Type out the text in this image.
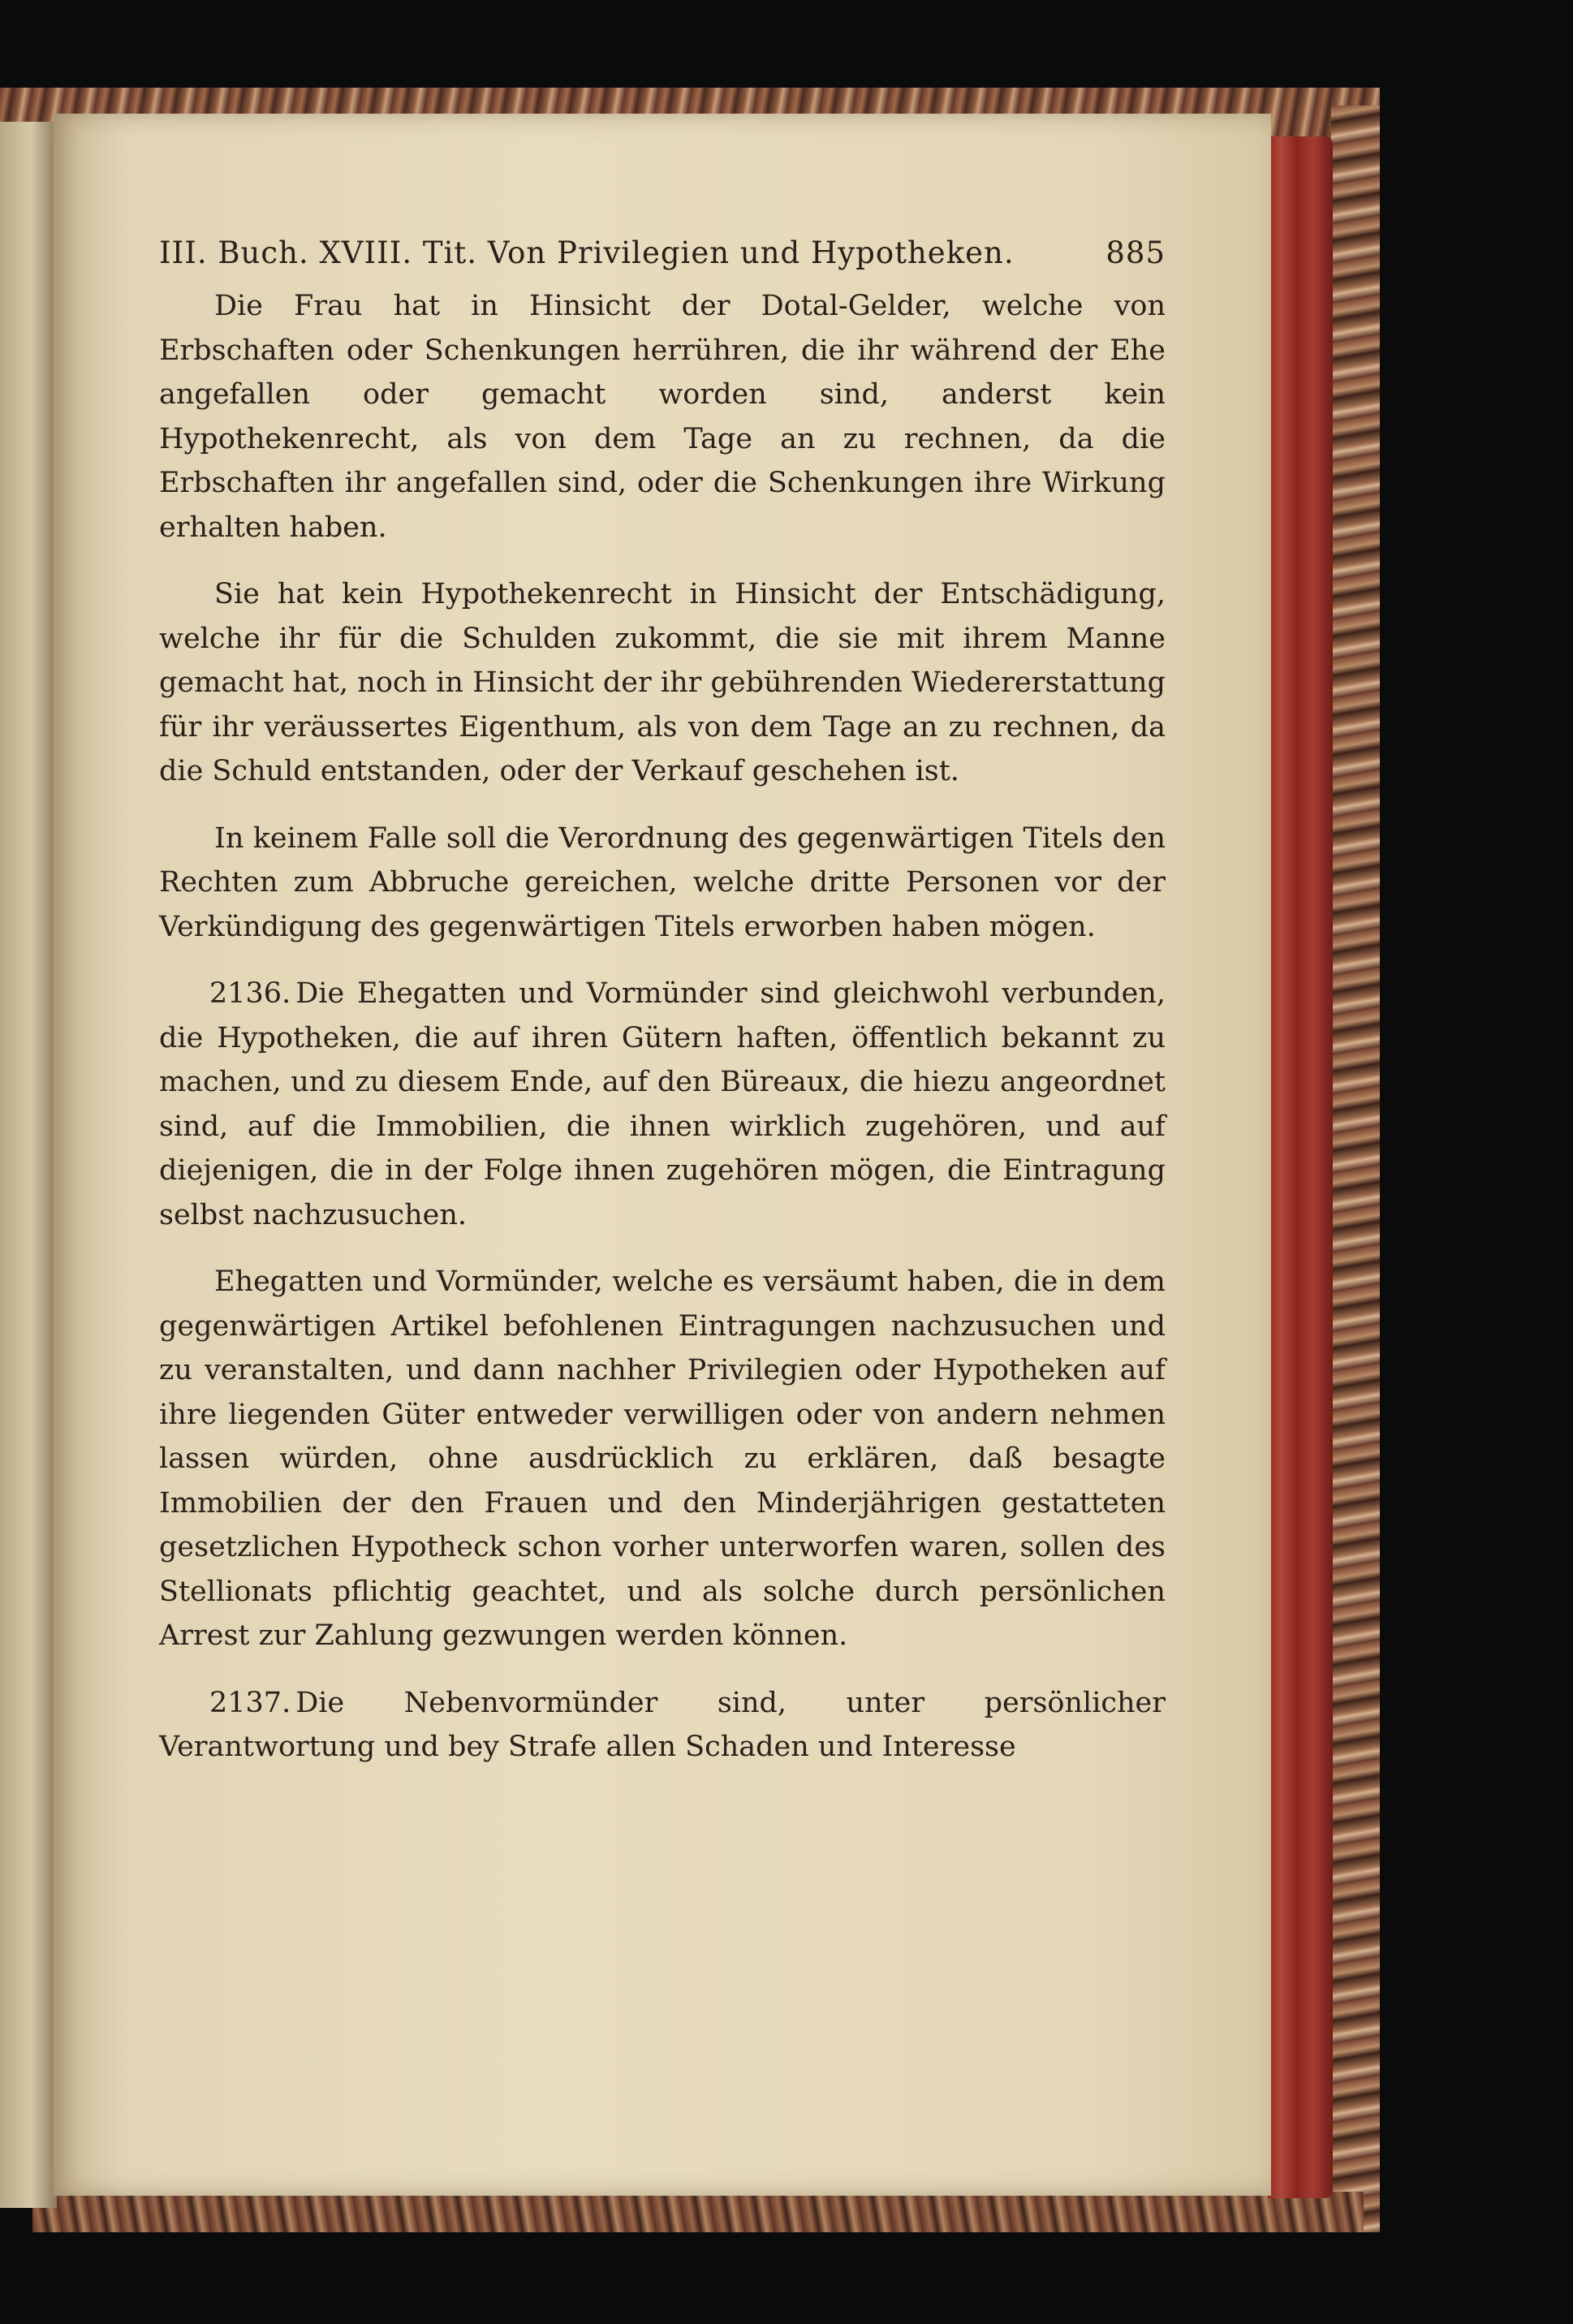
III. Buch. XVIII. Tit. Von Privilegien und Hypotheken.	885

Die Frau hat in Hinsicht der Dotal-Gelder, welche von Erbschaften oder Schenkungen herrühren, die ihr während der Ehe angefallen oder gemacht worden sind, anderst kein Hypothekenrecht, als von dem Tage an zu rechnen, da die Erbschaften ihr angefallen sind, oder die Schenkungen ihre Wirkung erhalten haben.

Sie hat kein Hypothekenrecht in Hinsicht der Entschädigung, welche ihr für die Schulden zukommt, die sie mit ihrem Manne gemacht hat, noch in Hinsicht der ihr gebührenden Wiedererstattung für ihr veräussertes Eigenthum, als von dem Tage an zu rechnen, da die Schuld entstanden, oder der Verkauf geschehen ist.

In keinem Falle soll die Verordnung des gegenwärtigen Titels den Rechten zum Abbruche gereichen, welche dritte Personen vor der Verkündigung des gegenwärtigen Titels erworben haben mögen.

2136. Die Ehegatten und Vormünder sind gleichwohl verbunden, die Hypotheken, die auf ihren Gütern haften, öffentlich bekannt zu machen, und zu diesem Ende, auf den Büreaux, die hiezu angeordnet sind, auf die Immobilien, die ihnen wirklich zugehören, und auf diejenigen, die in der Folge ihnen zugehören mögen, die Eintragung selbst nachzusuchen.

Ehegatten und Vormünder, welche es versäumt haben, die in dem gegenwärtigen Artikel befohlenen Eintragungen nachzusuchen und zu veranstalten, und dann nachher Privilegien oder Hypotheken auf ihre liegenden Güter entweder verwilligen oder von andern nehmen lassen würden, ohne ausdrücklich zu erklären, daß besagte Immobilien der den Frauen und den Minderjährigen gestatteten gesetzlichen Hypotheck schon vorher unterworfen waren, sollen des Stellionats pflichtig geachtet, und als solche durch persönlichen Arrest zur Zahlung gezwungen werden können.

2137. Die Nebenvormünder sind, unter persönlicher Verantwortung und bey Strafe allen Schaden und Interesse
